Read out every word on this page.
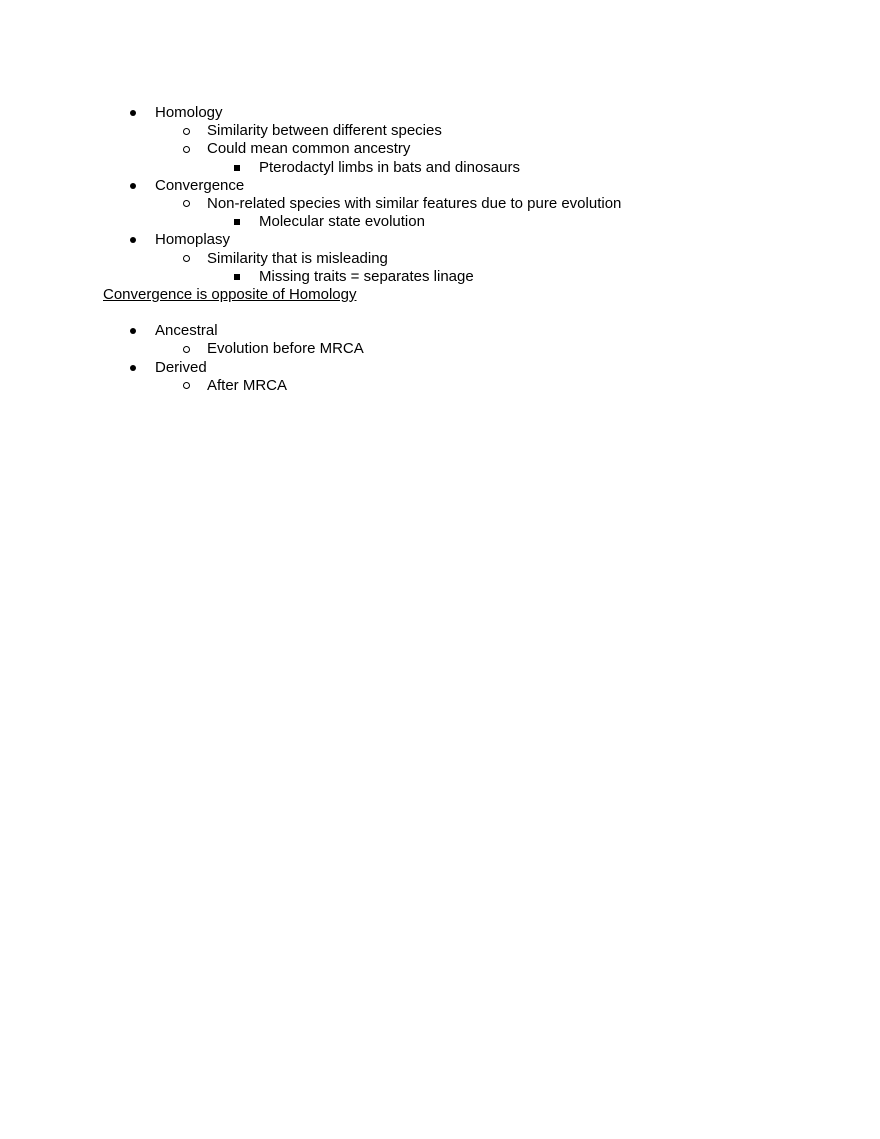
Homology
Similarity between different species
Could mean common ancestry
Pterodactyl limbs in bats and dinosaurs
Convergence
Non-related species with similar features due to pure evolution
Molecular state evolution
Homoplasy
Similarity that is misleading
Missing traits = separates linage
Convergence is opposite of Homology
Ancestral
Evolution before MRCA
Derived
After MRCA
